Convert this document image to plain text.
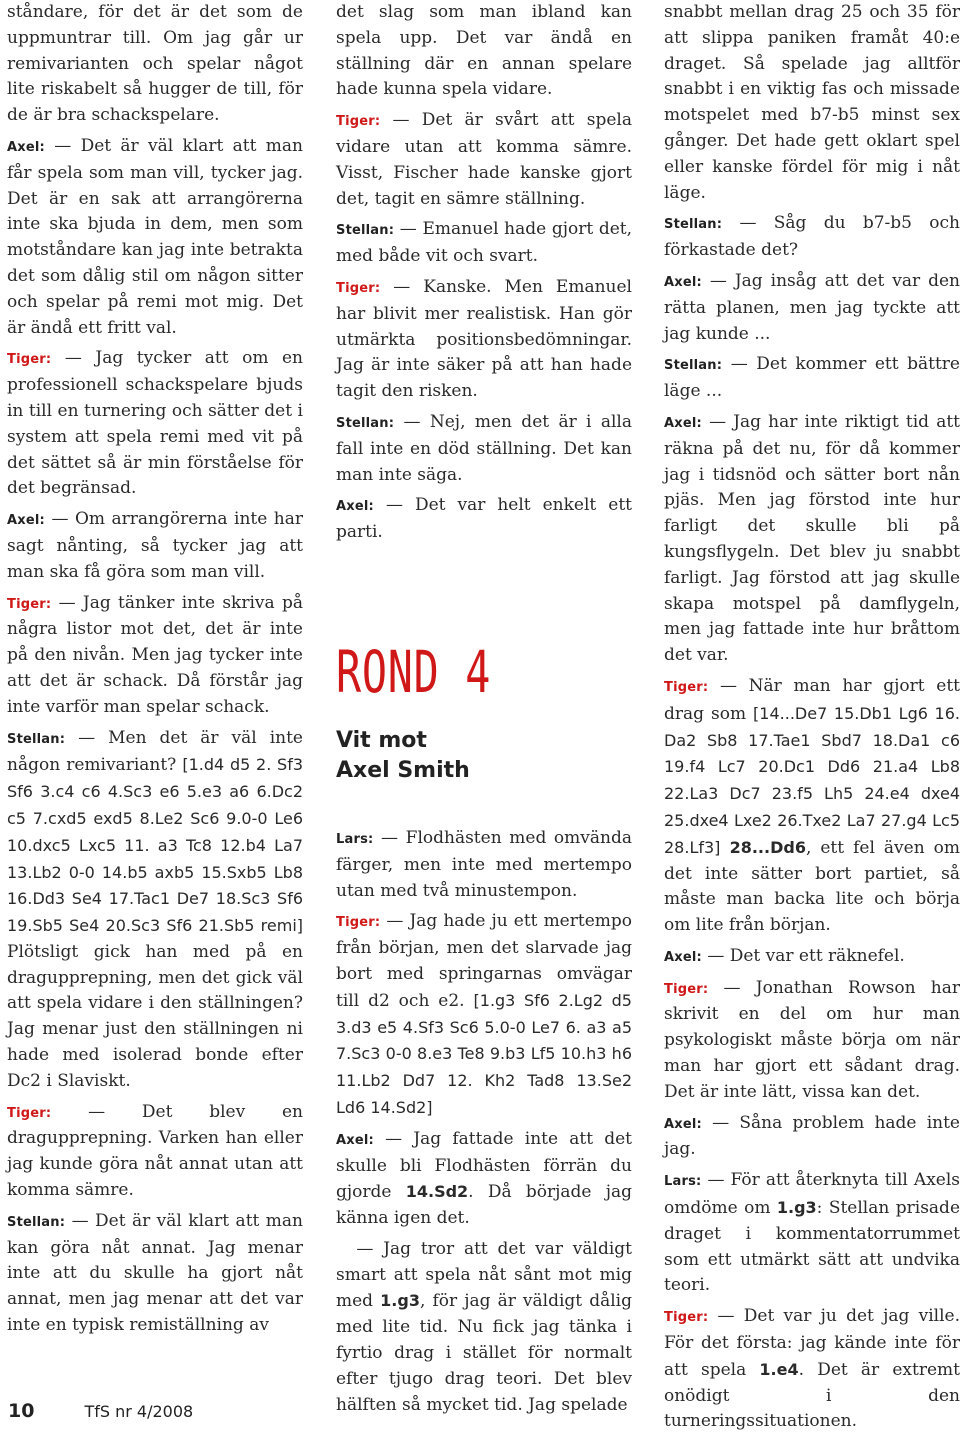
ståndare, för det är det som de uppmuntrar till. Om jag går ur remivarianten och spelar något lite riskabelt så hugger de till, för de är bra schackspelare.

Axel: — Det är väl klart att man får spela som man vill, tycker jag. Det är en sak att arrangörerna inte ska bjuda in dem, men som motståndare kan jag inte betrakta det som dålig stil om någon sitter och spelar på remi mot mig. Det är ändå ett fritt val.

Tiger: — Jag tycker att om en professionell schackspelare bjuds in till en turnering och sätter det i system att spela remi med vit på det sättet så är min förståelse för det begränsad.

Axel: — Om arrangörerna inte har sagt nånting, så tycker jag att man ska få göra som man vill.

Tiger: — Jag tänker inte skriva på några listor mot det, det är inte på den nivån. Men jag tycker inte att det är schack. Då förstår jag inte varför man spelar schack.

Stellan: — Men det är väl inte någon remivariant? [1.d4 d5 2. Sf3 Sf6 3.c4 c6 4.Sc3 e6 5.e3 a6 6.Dc2 c5 7.cxd5 exd5 8.Le2 Sc6 9.0-0 Le6 10.dxc5 Lxc5 11. a3 Tc8 12.b4 La7 13.Lb2 0-0 14.b5 axb5 15.Sxb5 Lb8 16.Dd3 Se4 17.Tac1 De7 18.Sc3 Sf6 19.Sb5 Se4 20.Sc3 Sf6 21.Sb5 remi] Plötsligt gick han med på en dragupprepning, men det gick väl att spela vidare i den ställningen? Jag menar just den ställningen ni hade med isolerad bonde efter Dc2 i Slaviskt.

Tiger: — Det blev en dragupprepning. Varken han eller jag kunde göra nåt annat utan att komma sämre.

Stellan: — Det är väl klart att man kan göra nåt annat. Jag menar inte att du skulle ha gjort nåt annat, men jag menar att det var inte en typisk remiställning av

det slag som man ibland kan spela upp. Det var ändå en ställning där en annan spelare hade kunna spela vidare.

Tiger: — Det är svårt att spela vidare utan att komma sämre. Visst, Fischer hade kanske gjort det, tagit en sämre ställning.

Stellan: — Emanuel hade gjort det, med både vit och svart.

Tiger: — Kanske. Men Emanuel har blivit mer realistisk. Han gör utmärkta positionsbedömningar. Jag är inte säker på att han hade tagit den risken.

Stellan: — Nej, men det är i alla fall inte en död ställning. Det kan man inte säga.

Axel: — Det var helt enkelt ett parti.

ROND 4
Vit mot
Axel Smith

Lars: — Flodhästen med omvända färger, men inte med mertempo utan med två minustempon.

Tiger: — Jag hade ju ett mertempo från början, men det slarvade jag bort med springarnas omvägar till d2 och e2. [1.g3 Sf6 2.Lg2 d5 3.d3 e5 4.Sf3 Sc6 5.0-0 Le7 6. a3 a5 7.Sc3 0-0 8.e3 Te8 9.b3 Lf5 10.h3 h6 11.Lb2 Dd7 12. Kh2 Tad8 13.Se2 Ld6 14.Sd2]

Axel: — Jag fattade inte att det skulle bli Flodhästen förrän du gjorde 14.Sd2. Då började jag känna igen det.

— Jag tror att det var väldigt smart att spela nåt sånt mot mig med 1.g3, för jag är väldigt dålig med lite tid. Nu fick jag tänka i fyrtio drag i stället för normalt efter tjugo drag teori. Det blev hälften så mycket tid. Jag spelade

snabbt mellan drag 25 och 35 för att slippa paniken framåt 40:e draget. Så spelade jag alltför snabbt i en viktig fas och missade motspelet med b7-b5 minst sex gånger. Det hade gett oklart spel eller kanske fördel för mig i nåt läge.

Stellan: — Såg du b7-b5 och förkastade det?

Axel: — Jag insåg att det var den rätta planen, men jag tyckte att jag kunde ...

Stellan: — Det kommer ett bättre läge ...

Axel: — Jag har inte riktigt tid att räkna på det nu, för då kommer jag i tidsnöd och sätter bort nån pjäs. Men jag förstod inte hur farligt det skulle bli på kungsflygeln. Det blev ju snabbt farligt. Jag förstod att jag skulle skapa motspel på damflygeln, men jag fattade inte hur bråttom det var.

Tiger: — När man har gjort ett drag som [14...De7 15.Db1 Lg6 16. Da2 Sb8 17.Tae1 Sbd7 18.Da1 c6 19.f4 Lc7 20.Dc1 Dd6 21.a4 Lb8 22.La3 Dc7 23.f5 Lh5 24.e4 dxe4 25.dxe4 Lxe2 26.Txe2 La7 27.g4 Lc5 28.Lf3] 28...Dd6, ett fel även om det inte sätter bort partiet, så måste man backa lite och börja om lite från början.

Axel: — Det var ett räknefel.

Tiger: — Jonathan Rowson har skrivit en del om hur man psykologiskt måste börja om när man har gjort ett sådant drag. Det är inte lätt, vissa kan det.

Axel: — Såna problem hade inte jag.

Lars: — För att återknyta till Axels omdöme om 1.g3: Stellan prisade draget i kommentatorrummet som ett utmärkt sätt att undvika teori.

Tiger: — Det var ju det jag ville. För det första: jag kände inte för att spela 1.e4. Det är extremt onödigt i den turneringssituationen.

10	TfS nr 4/2008
